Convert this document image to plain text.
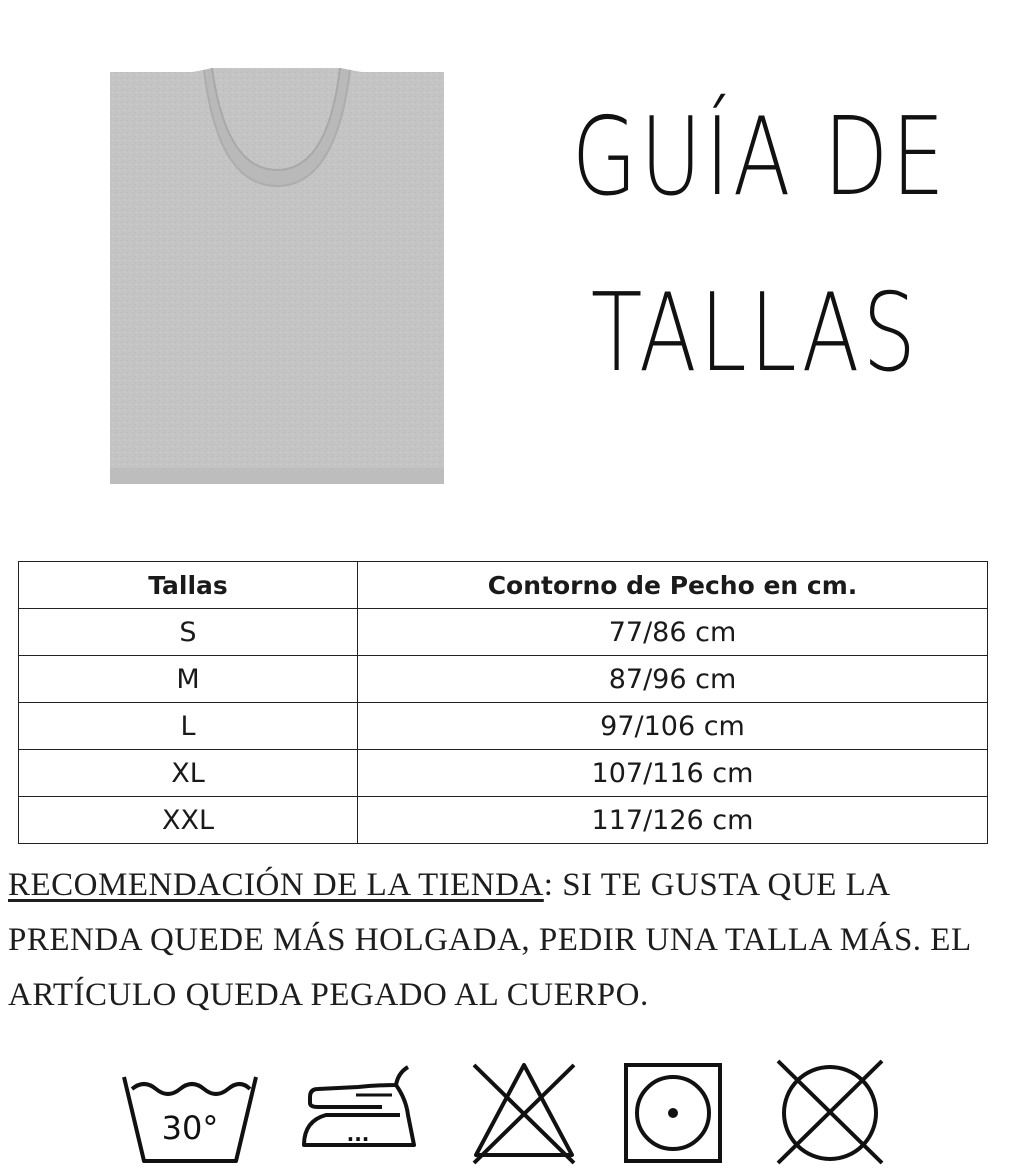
GUÍA DE
TALLAS
Tallas	Contorno de Pecho en cm.
S	77/86 cm
M	87/96 cm
L	97/106 cm
XL	107/116 cm
XXL	117/126 cm
RECOMENDACIÓN DE LA TIENDA: SI TE GUSTA QUE LA PRENDA QUEDE MÁS HOLGADA, PEDIR UNA TALLA MÁS. EL ARTÍCULO QUEDA PEGADO AL CUERPO.
30°	...
